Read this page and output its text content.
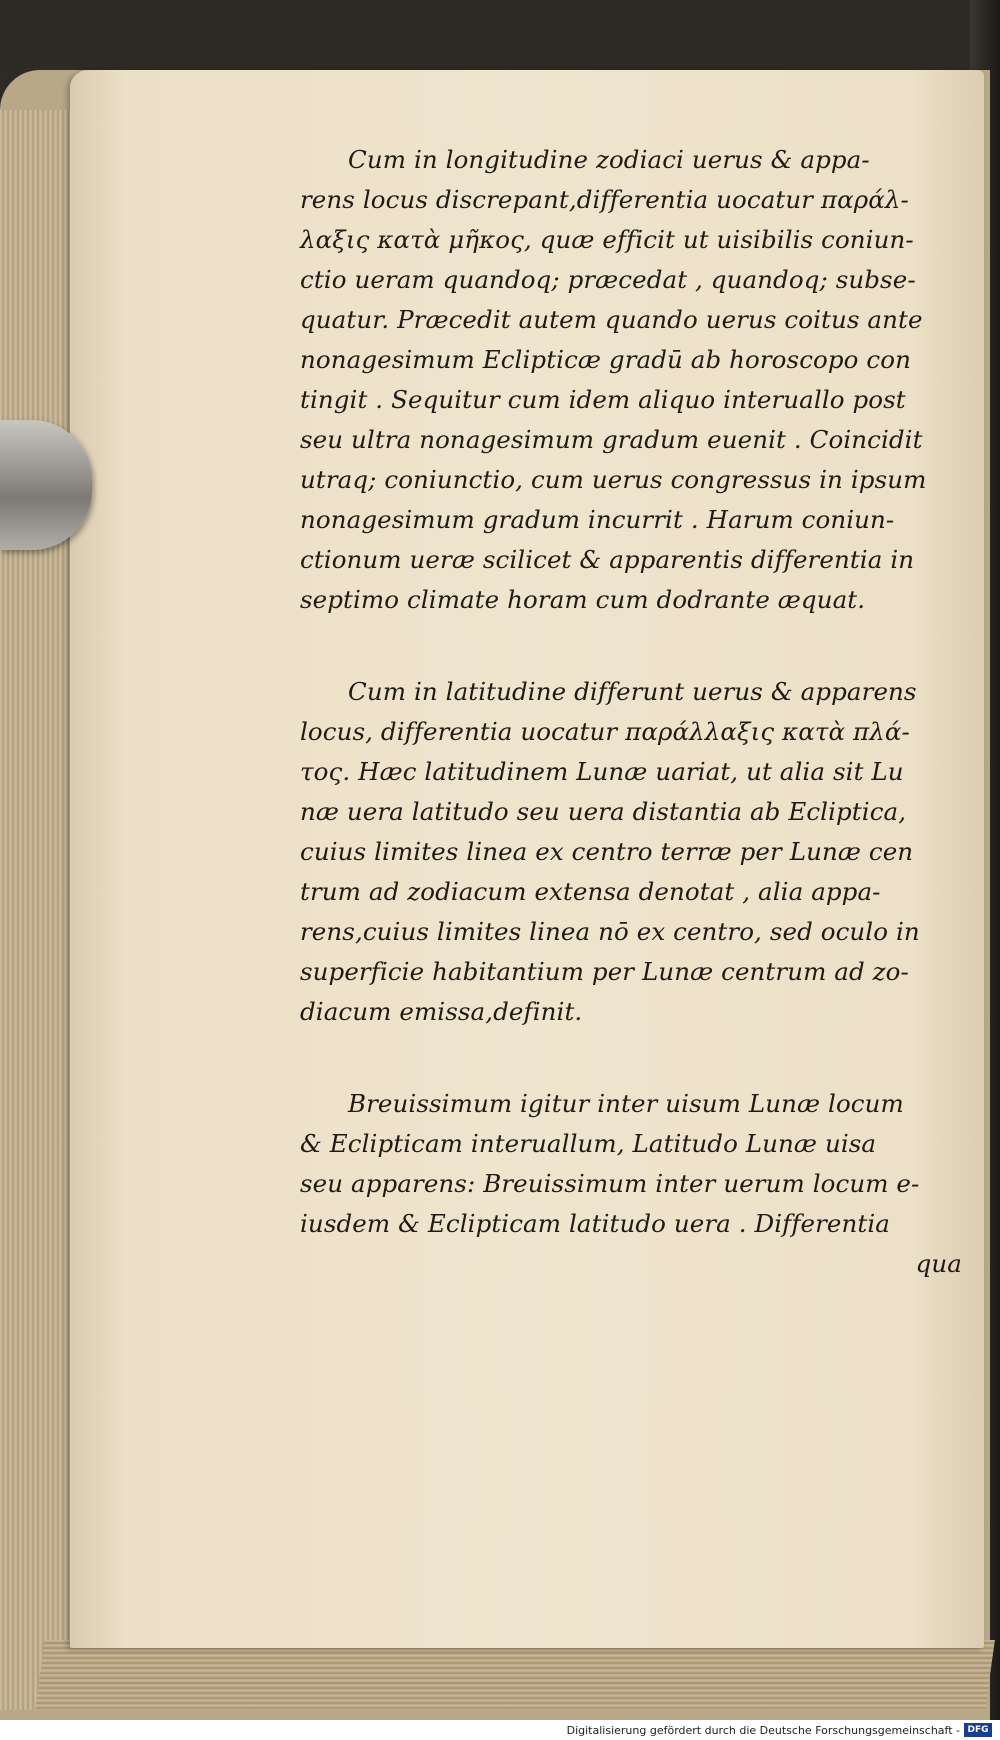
Cum in longitudine zodiaci uerus & appa-
rens locus discrepant,differentia uocatur παράλ-
λαξις κατὰ μῆκος, quæ efficit ut uisibilis coniun-
ctio ueram quandoq; præcedat , quandoq; subse-
quatur. Præcedit autem quando uerus coitus ante
nonagesimum Eclipticæ gradū ab horoscopo con
tingit . Sequitur cum idem aliquo interuallo post
seu ultra nonagesimum gradum euenit . Coincidit
utraq; coniunctio, cum uerus congressus in ipsum
nonagesimum gradum incurrit . Harum coniun-
ctionum ueræ scilicet & apparentis differentia in
septimo climate horam cum dodrante æquat.

Cum in latitudine differunt uerus & apparens
locus, differentia uocatur παράλλαξις κατὰ πλά-
τος. Hæc latitudinem Lunæ uariat, ut alia sit Lu
næ uera latitudo seu uera distantia ab Ecliptica,
cuius limites linea ex centro terræ per Lunæ cen
trum ad zodiacum extensa denotat , alia appa-
rens,cuius limites linea nō ex centro, sed oculo in
superficie habitantium per Lunæ centrum ad zo-
diacum emissa,definit.

Breuissimum igitur inter uisum Lunæ locum
& Eclipticam interuallum, Latitudo Lunæ uisa
seu apparens: Breuissimum inter uerum locum e-
iusdem & Eclipticam latitudo uera . Differentia
qua

Digitalisierung gefördert durch die Deutsche Forschungsgemeinschaft - DFG
